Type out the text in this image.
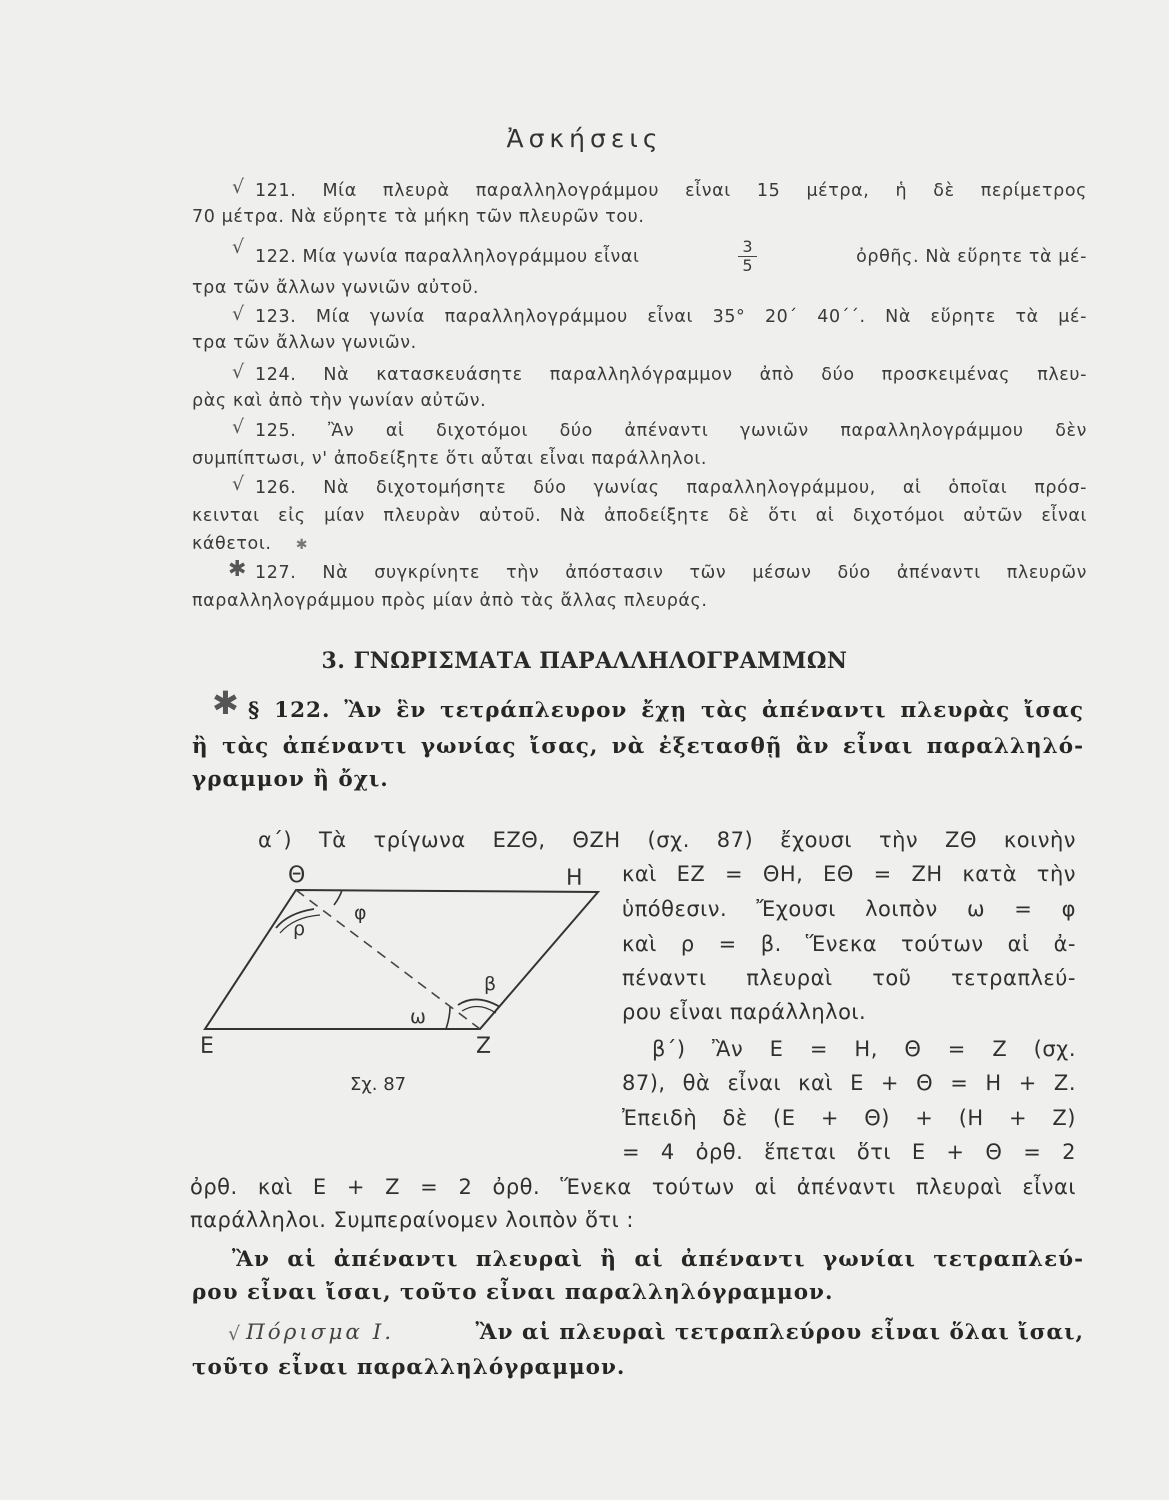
Ἀσκήσεις
√ 121. Μία πλευρὰ παραλληλογράμμου εἶναι 15 μέτρα, ἡ δὲ περίμετρος
70 μέτρα. Νὰ εὕρητε τὰ μήκη τῶν πλευρῶν του.
√ 122. Μία γωνία παραλληλογράμμου εἶναι	$\frac{3}{5}$	ὀρθῆς. Νὰ εὕρητε τὰ μέ-
τρα τῶν ἄλλων γωνιῶν αὐτοῦ.
√ 123. Μία γωνία παραλληλογράμμου εἶναι 35° 20΄ 40΄΄. Νὰ εὕρητε τὰ μέ-
τρα τῶν ἄλλων γωνιῶν.
√ 124. Νὰ κατασκευάσητε παραλληλόγραμμον ἀπὸ δύο προσκειμένας πλευ-
ρὰς καὶ ἀπὸ τὴν γωνίαν αὐτῶν.
√ 125. Ἂν αἱ διχοτόμοι δύο ἀπέναντι γωνιῶν παραλληλογράμμου δὲν
συμπίπτωσι, ν' ἀποδείξητε ὅτι αὗται εἶναι παράλληλοι.
√ 126. Νὰ διχοτομήσητε δύο γωνίας παραλληλογράμμου, αἱ ὁποῖαι πρόσ-
κεινται εἰς μίαν πλευρὰν αὐτοῦ. Νὰ ἀποδείξητε δὲ ὅτι αἱ διχοτόμοι αὐτῶν εἶναι
κάθετοι. ✱
✱ 127. Νὰ συγκρίνητε τὴν ἀπόστασιν τῶν μέσων δύο ἀπέναντι πλευρῶν
παραλληλογράμμου πρὸς μίαν ἀπὸ τὰς ἄλλας πλευράς.
3. ΓΝΩΡΙΣΜΑΤΑ ΠΑΡΑΛΛΗΛΟΓΡΑΜΜΩΝ
✱ § 122. Ἂν ἓν τετράπλευρον ἔχῃ τὰς ἀπέναντι πλευρὰς ἴσας
ἢ τὰς ἀπέναντι γωνίας ἴσας, νὰ ἐξετασθῇ ἂν εἶναι παραλληλό-
γραμμον ἢ ὄχι.
α΄) Τὰ τρίγωνα ΕΖΘ, ΘΖΗ (σχ. 87) ἔχουσι τὴν ΖΘ κοινὴν
καὶ ΕΖ = ΘΗ, ΕΘ = ΖΗ κατὰ τὴν
ὑπόθεσιν. Ἔχουσι λοιπὸν ω = φ
καὶ ρ = β. Ἕνεκα τούτων αἱ ἀ-
πέναντι πλευραὶ τοῦ τετραπλεύ-
ρου εἶναι παράλληλοι.
β΄) Ἂν Ε = Η, Θ = Ζ (σχ.
87), θὰ εἶναι καὶ Ε + Θ = Η + Ζ.
Ἐπειδὴ δὲ (Ε + Θ) + (Η + Ζ)
= 4 ὀρθ. ἕπεται ὅτι Ε + Θ = 2
ὀρθ. καὶ Ε + Ζ = 2 ὀρθ. Ἕνεκα τούτων αἱ ἀπέναντι πλευραὶ εἶναι
παράλληλοι. Συμπεραίνομεν λοιπὸν ὅτι :
Ἂν αἱ ἀπέναντι πλευραὶ ἢ αἱ ἀπέναντι γωνίαι τετραπλεύ-
ρου εἶναι ἴσαι, τοῦτο εἶναι παραλληλόγραμμον.
√ Πόρισμα Ι.	Ἂν αἱ πλευραὶ τετραπλεύρου εἶναι ὅλαι ἴσαι,
τοῦτο εἶναι παραλληλόγραμμον.
Ε	Ζ
Η
Θ
ρ
φ
ω
β
Σχ. 87
